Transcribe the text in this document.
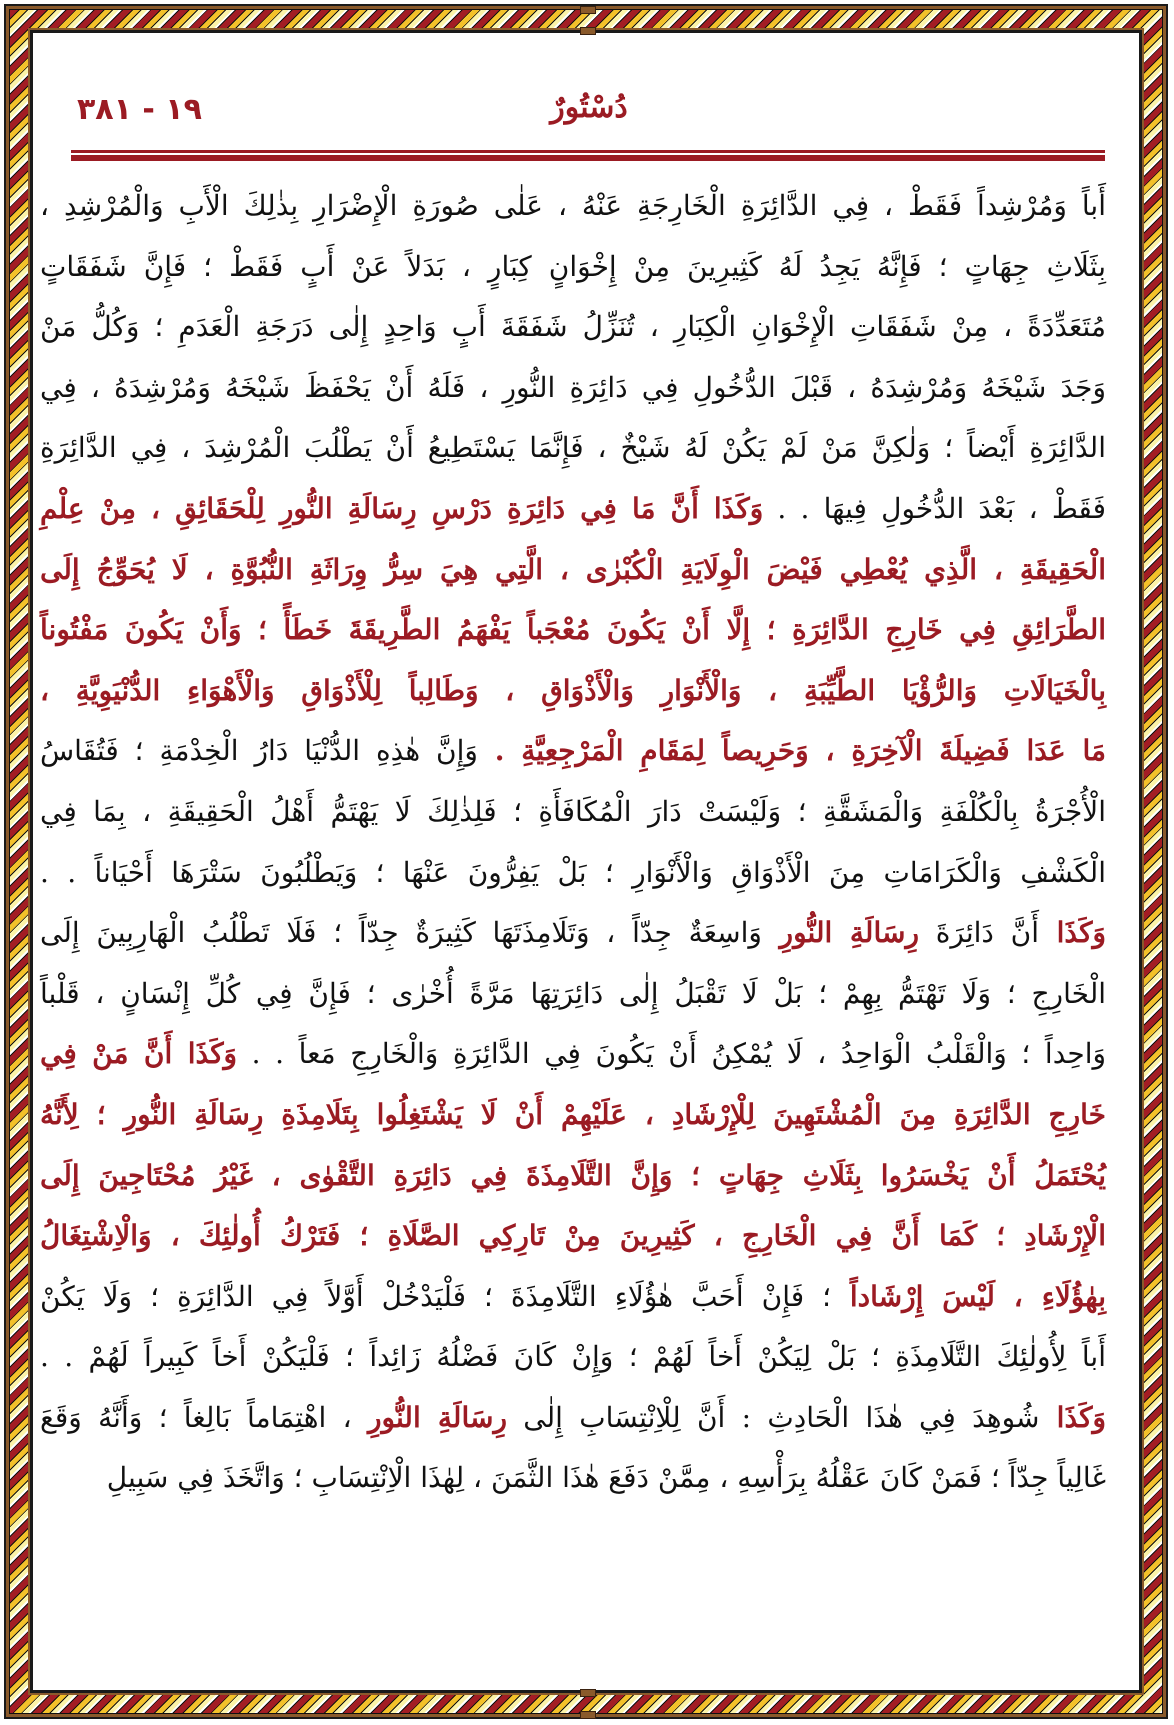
دُسْتُورٌ
١٩ - ٣٨١
أَباً وَمُرْشِداً فَقَطْ ، فِي الدَّائِرَةِ الْخَارِجَةِ عَنْهُ ، عَلٰى صُورَةِ الْإِضْرَارِ بِذٰلِكَ الْأَبِ وَالْمُرْشِدِ ،
بِثَلَاثِ جِهَاتٍ ؛ فَإِنَّهُ يَجِدُ لَهُ كَثِيرِينَ مِنْ إِخْوَانٍ كِبَارٍ ، بَدَلاً عَنْ أَبٍ فَقَطْ ؛ فَإِنَّ شَفَقَاتٍ
مُتَعَدِّدَةً ، مِنْ شَفَقَاتِ الْإِخْوَانِ الْكِبَارِ ، تُنَزِّلُ شَفَقَةَ أَبٍ وَاحِدٍ إِلٰى دَرَجَةِ الْعَدَمِ ؛ وَكُلُّ مَنْ
وَجَدَ شَيْخَهُ وَمُرْشِدَهُ ، قَبْلَ الدُّخُولِ فِي دَائِرَةِ النُّورِ ، فَلَهُ أَنْ يَحْفَظَ شَيْخَهُ وَمُرْشِدَهُ ، فِي
الدَّائِرَةِ أَيْضاً ؛ وَلٰكِنَّ مَنْ لَمْ يَكُنْ لَهُ شَيْخٌ ، فَإِنَّمَا يَسْتَطِيعُ أَنْ يَطْلُبَ الْمُرْشِدَ ، فِي الدَّائِرَةِ
فَقَطْ ، بَعْدَ الدُّخُولِ فِيهَا . . وَكَذَا أَنَّ مَا فِي دَائِرَةِ دَرْسِ رِسَالَةِ النُّورِ لِلْحَقَائِقِ ، مِنْ عِلْمِ
الْحَقِيقَةِ ، الَّذِي يُعْطِي فَيْضَ الْوِلَايَةِ الْكُبْرٰى ، الَّتِي هِيَ سِرُّ وِرَاثَةِ النُّبُوَّةِ ، لَا يُحَوِّجُ إِلَى
الطَّرَائِقِ فِي خَارِجِ الدَّائِرَةِ ؛ إِلَّا أَنْ يَكُونَ مُعْجَباً يَفْهَمُ الطَّرِيقَةَ خَطَأً ؛ وَأَنْ يَكُونَ مَفْتُوناً
بِالْخَيَالَاتِ وَالرُّؤْيَا الطَّيِّبَةِ ، وَالْأَنْوَارِ وَالْأَذْوَاقِ ، وَطَالِباً لِلْأَذْوَاقِ وَالْأَهْوَاءِ الدُّنْيَوِيَّةِ ،
مَا عَدَا فَضِيلَةَ الْآخِرَةِ ، وَحَرِيصاً لِمَقَامِ الْمَرْجِعِيَّةِ . وَإِنَّ هٰذِهِ الدُّنْيَا دَارُ الْخِدْمَةِ ؛ فَتُقَاسُ
الْأُجْرَةُ بِالْكُلْفَةِ وَالْمَشَقَّةِ ؛ وَلَيْسَتْ دَارَ الْمُكَافَأَةِ ؛ فَلِذٰلِكَ لَا يَهْتَمُّ أَهْلُ الْحَقِيقَةِ ، بِمَا فِي
الْكَشْفِ وَالْكَرَامَاتِ مِنَ الْأَذْوَاقِ وَالْأَنْوَارِ ؛ بَلْ يَفِرُّونَ عَنْهَا ؛ وَيَطْلُبُونَ سَتْرَهَا أَحْيَاناً . .
وَكَذَا أَنَّ دَائِرَةَ رِسَالَةِ النُّورِ وَاسِعَةٌ جِدّاً ، وَتَلَامِذَتَهَا كَثِيرَةٌ جِدّاً ؛ فَلَا تَطْلُبُ الْهَارِبِينَ إِلَى
الْخَارِجِ ؛ وَلَا تَهْتَمُّ بِهِمْ ؛ بَلْ لَا تَقْبَلُ إِلٰى دَائِرَتِهَا مَرَّةً أُخْرٰى ؛ فَإِنَّ فِي كُلِّ إِنْسَانٍ ، قَلْباً
وَاحِداً ؛ وَالْقَلْبُ الْوَاحِدُ ، لَا يُمْكِنُ أَنْ يَكُونَ فِي الدَّائِرَةِ وَالْخَارِجِ مَعاً . . وَكَذَا أَنَّ مَنْ فِي
خَارِجِ الدَّائِرَةِ مِنَ الْمُشْتَهِينَ لِلْإِرْشَادِ ، عَلَيْهِمْ أَنْ لَا يَشْتَغِلُوا بِتَلَامِذَةِ رِسَالَةِ النُّورِ ؛ لِأَنَّهُ
يُحْتَمَلُ أَنْ يَخْسَرُوا بِثَلَاثِ جِهَاتٍ ؛ وَإِنَّ التَّلَامِذَةَ فِي دَائِرَةِ التَّقْوٰى ، غَيْرُ مُحْتَاجِينَ إِلَى
الْإِرْشَادِ ؛ كَمَا أَنَّ فِي الْخَارِجِ ، كَثِيرِينَ مِنْ تَارِكِي الصَّلَاةِ ؛ فَتَرْكُ أُولٰئِكَ ، وَالْاِشْتِغَالُ
بِهٰؤُلَاءِ ، لَيْسَ إِرْشَاداً ؛ فَإِنْ أَحَبَّ هٰؤُلَاءِ التَّلَامِذَةَ ؛ فَلْيَدْخُلْ أَوَّلاً فِي الدَّائِرَةِ ؛ وَلَا يَكُنْ
أَباً لِأُولٰئِكَ التَّلَامِذَةِ ؛ بَلْ لِيَكُنْ أَخاً لَهُمْ ؛ وَإِنْ كَانَ فَضْلُهُ زَائِداً ؛ فَلْيَكُنْ أَخاً كَبِيراً لَهُمْ . .
وَكَذَا شُوهِدَ فِي هٰذَا الْحَادِثِ : أَنَّ لِلْاِنْتِسَابِ إِلٰى رِسَالَةِ النُّورِ ، اهْتِمَاماً بَالِغاً ؛ وَأَنَّهُ وَقَعَ
غَالِياً جِدّاً ؛ فَمَنْ كَانَ عَقْلُهُ بِرَأْسِهِ ، مِمَّنْ دَفَعَ هٰذَا الثَّمَنَ ، لِهٰذَا الْاِنْتِسَابِ ؛ وَاتَّخَذَ فِي سَبِيلِ
